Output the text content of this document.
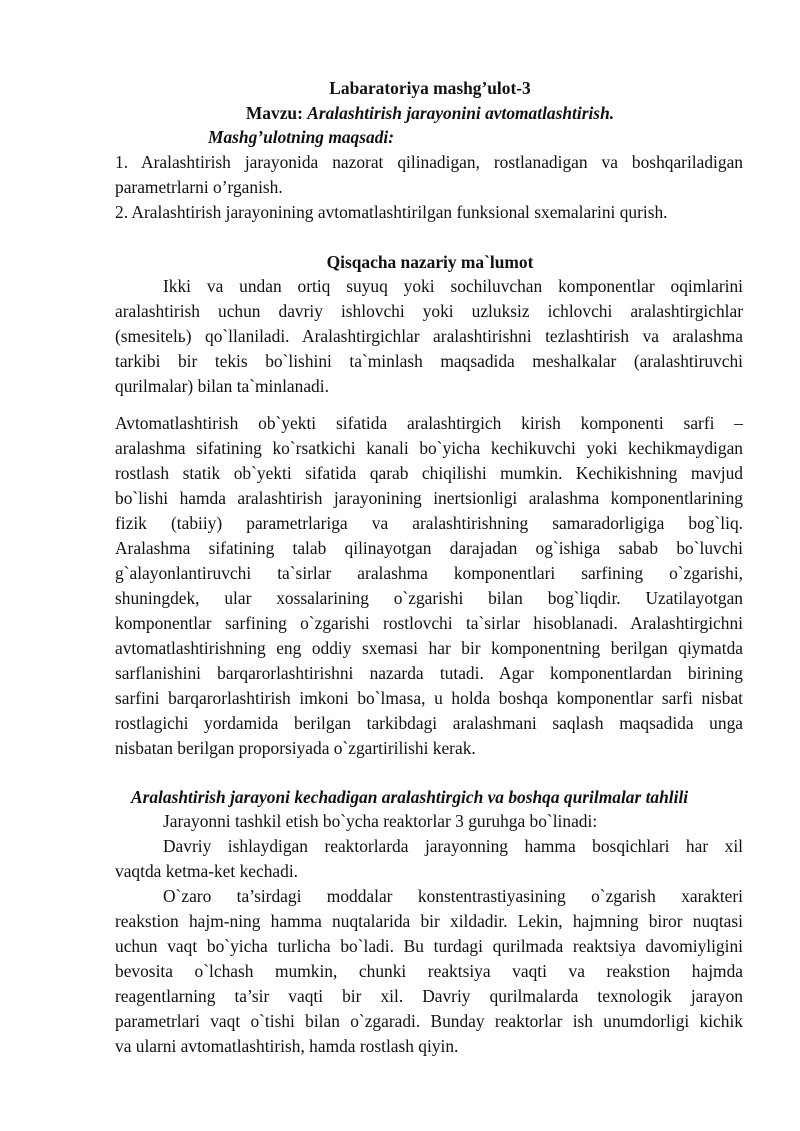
Labaratoriya mashg’ulot-3
Mavzu: Aralashtirish jarayonini avtomatlashtirish.
Mashg’ulotning maqsadi:
1. Aralashtirish jarayonida nazorat qilinadigan, rostlanadigan va boshqariladigan
parametrlarni o’rganish.
2. Aralashtirish jarayonining avtomatlashtirilgan funksional sxemalarini qurish.
Qisqacha nazariy ma`lumot
Ikki va undan ortiq suyuq yoki sochiluvchan komponentlar oqimlarini
aralashtirish uchun davriy ishlovchi yoki uzluksiz ichlovchi aralashtirgichlar
(smesitelь) qo`llaniladi. Aralashtirgichlar aralashtirishni tezlashtirish va aralashma
tarkibi bir tekis bo`lishini ta`minlash maqsadida meshalkalar (aralashtiruvchi
qurilmalar) bilan ta`minlanadi.
Avtomatlashtirish ob`yekti sifatida aralashtirgich kirish komponenti sarfi –
aralashma sifatining ko`rsatkichi kanali bo`yicha kechikuvchi yoki kechikmaydigan
rostlash statik ob`yekti sifatida qarab chiqilishi mumkin. Kechikishning mavjud
bo`lishi hamda aralashtirish jarayonining inertsionligi aralashma komponentlarining
fizik (tabiiy) parametrlariga va aralashtirishning samaradorligiga bog`liq.
Aralashma sifatining talab qilinayotgan darajadan og`ishiga sabab bo`luvchi
g`alayonlantiruvchi ta`sirlar aralashma komponentlari sarfining o`zgarishi,
shuningdek, ular xossalarining o`zgarishi bilan bog`liqdir. Uzatilayotgan
komponentlar sarfining o`zgarishi rostlovchi ta`sirlar hisoblanadi. Aralashtirgichni
avtomatlashtirishning eng oddiy sxemasi har bir komponentning berilgan qiymatda
sarflanishini barqarorlashtirishni nazarda tutadi. Agar komponentlardan birining
sarfini barqarorlashtirish imkoni bo`lmasa, u holda boshqa komponentlar sarfi nisbat
rostlagichi yordamida berilgan tarkibdagi aralashmani saqlash maqsadida unga
nisbatan berilgan proporsiyada o`zgartirilishi kerak.
Aralashtirish jarayoni kechadigan aralashtirgich va boshqa qurilmalar tahlili
Jarayonni tashkil etish bo`ycha reaktorlar 3 guruhga bo`linadi:
Davriy ishlaydigan reaktorlarda jarayonning hamma bosqichlari har xil
vaqtda ketma-ket kechadi.
O`zaro ta’sirdagi moddalar konstentrastiyasining o`zgarish xarakteri
reakstion hajm-ning hamma nuqtalarida bir xildadir. Lekin, hajmning biror nuqtasi
uchun vaqt bo`yicha turlicha bo`ladi. Bu turdagi qurilmada reaktsiya davomiyligini
bevosita o`lchash mumkin, chunki reaktsiya vaqti va reakstion hajmda
reagentlarning ta’sir vaqti bir xil. Davriy qurilmalarda texnologik jarayon
parametrlari vaqt o`tishi bilan o`zgaradi. Bunday reaktorlar ish unumdorligi kichik
va ularni avtomatlashtirish, hamda rostlash qiyin.
